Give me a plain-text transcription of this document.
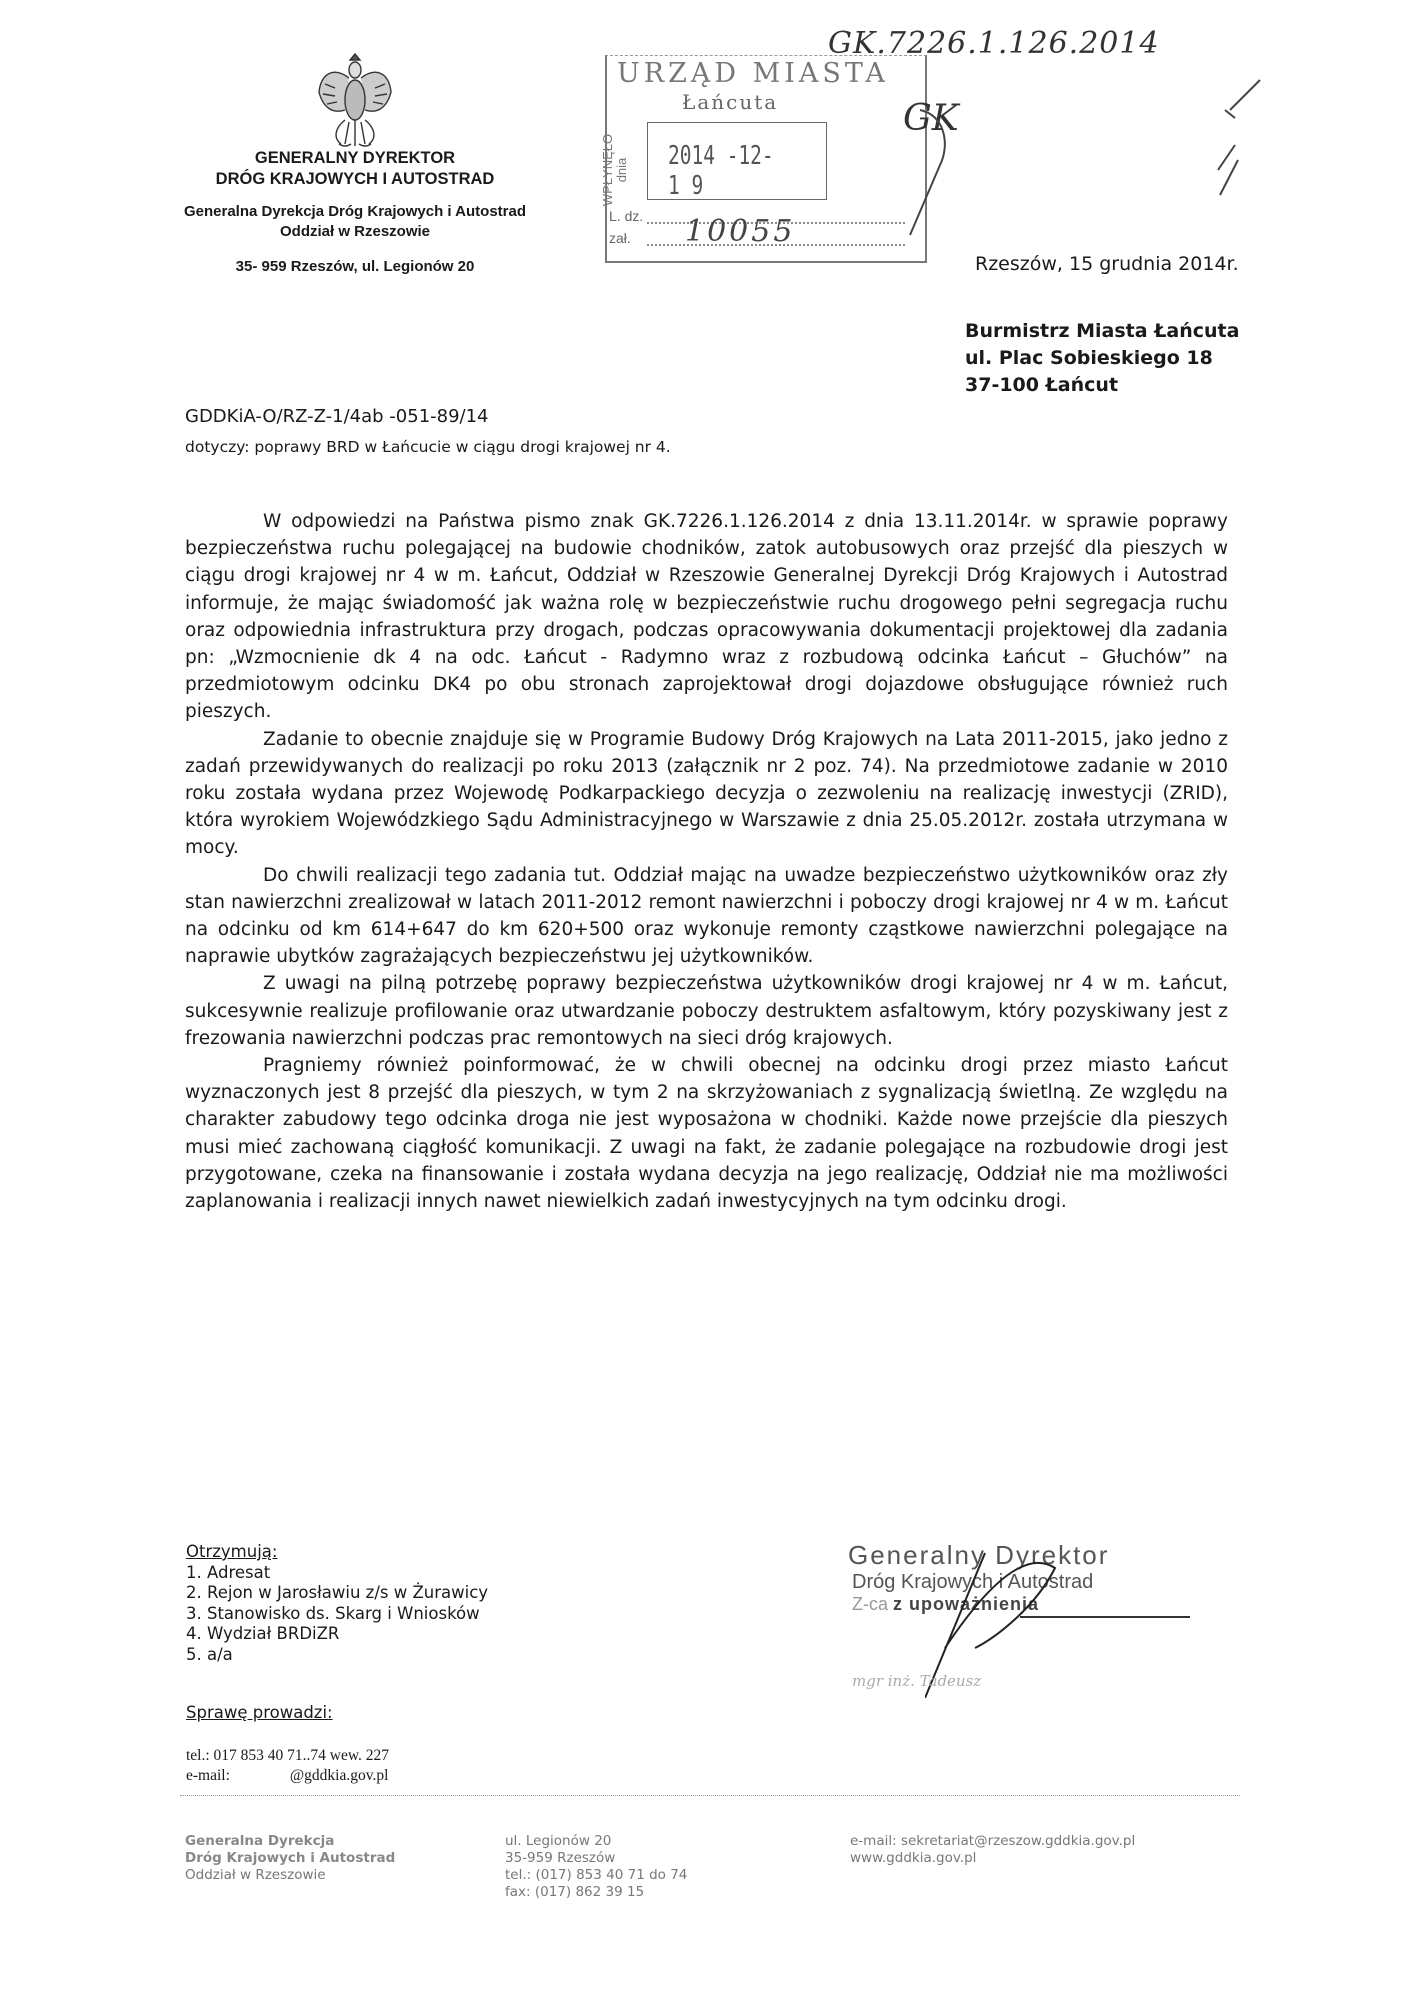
GENERALNY DYREKTOR
DRÓG KRAJOWYCH I AUTOSTRAD
Generalna Dyrekcja Dróg Krajowych i Autostrad
Oddział w Rzeszowie
35- 959 Rzeszów, ul. Legionów 20
URZĄD MIASTA
Łańcuta
WPŁYNĘŁO dnia 2014 -12- 1 9
L. dz.
zał. 10055
GK.7226.1.126.2014
GK
Rzeszów, 15 grudnia 2014r.
Burmistrz Miasta Łańcuta
ul. Plac Sobieskiego 18
37-100 Łańcut
GDDKiA-O/RZ-Z-1/4ab -051-89/14
dotyczy: poprawy BRD w Łańcucie w ciągu drogi krajowej nr 4.

W odpowiedzi na Państwa pismo znak GK.7226.1.126.2014 z dnia 13.11.2014r. w sprawie poprawy bezpieczeństwa ruchu polegającej na budowie chodników, zatok autobusowych oraz przejść dla pieszych w ciągu drogi krajowej nr 4 w m. Łańcut, Oddział w Rzeszowie Generalnej Dyrekcji Dróg Krajowych i Autostrad informuje, że mając świadomość jak ważna rolę w bezpieczeństwie ruchu drogowego pełni segregacja ruchu oraz odpowiednia infrastruktura przy drogach, podczas opracowywania dokumentacji projektowej dla zadania pn: „Wzmocnienie dk 4 na odc. Łańcut - Radymno wraz z rozbudową odcinka Łańcut – Głuchów” na przedmiotowym odcinku DK4 po obu stronach zaprojektował drogi dojazdowe obsługujące również ruch pieszych.

Zadanie to obecnie znajduje się w Programie Budowy Dróg Krajowych na Lata 2011-2015, jako jedno z zadań przewidywanych do realizacji po roku 2013 (załącznik nr 2 poz. 74). Na przedmiotowe zadanie w 2010 roku została wydana przez Wojewodę Podkarpackiego decyzja o zezwoleniu na realizację inwestycji (ZRID), która wyrokiem Wojewódzkiego Sądu Administracyjnego w Warszawie z dnia 25.05.2012r. została utrzymana w mocy.

Do chwili realizacji tego zadania tut. Oddział mając na uwadze bezpieczeństwo użytkowników oraz zły stan nawierzchni zrealizował w latach 2011-2012 remont nawierzchni i poboczy drogi krajowej nr 4 w m. Łańcut na odcinku od km 614+647 do km 620+500 oraz wykonuje remonty cząstkowe nawierzchni polegające na naprawie ubytków zagrażających bezpieczeństwu jej użytkowników.

Z uwagi na pilną potrzebę poprawy bezpieczeństwa użytkowników drogi krajowej nr 4 w m. Łańcut, sukcesywnie realizuje profilowanie oraz utwardzanie poboczy destruktem asfaltowym, który pozyskiwany jest z frezowania nawierzchni podczas prac remontowych na sieci dróg krajowych.

Pragniemy również poinformować, że w chwili obecnej na odcinku drogi przez miasto Łańcut wyznaczonych jest 8 przejść dla pieszych, w tym 2 na skrzyżowaniach z sygnalizacją świetlną. Ze względu na charakter zabudowy tego odcinka droga nie jest wyposażona w chodniki. Każde nowe przejście dla pieszych musi mieć zachowaną ciągłość komunikacji. Z uwagi na fakt, że zadanie polegające na rozbudowie drogi jest przygotowane, czeka na finansowanie i została wydana decyzja na jego realizację, Oddział nie ma możliwości zaplanowania i realizacji innych nawet niewielkich zadań inwestycyjnych na tym odcinku drogi.

Otrzymują:
1. Adresat
2. Rejon w Jarosławiu z/s w Żurawicy
3. Stanowisko ds. Skarg i Wniosków
4. Wydział BRDiZR
5. a/a
Sprawę prowadzi:
tel.: 017 853 40 71..74 wew. 227
e-mail:	@gddkia.gov.pl
Generalny Dyrektor
Dróg Krajowych i Autostrad
Z-ca z upoważnienia
mgr inż. Tadeusz
Generalna Dyrekcja
Dróg Krajowych i Autostrad
Oddział w Rzeszowie
ul. Legionów 20
35-959 Rzeszów
tel.: (017) 853 40 71 do 74
fax: (017) 862 39 15
e-mail: sekretariat@rzeszow.gddkia.gov.pl
www.gddkia.gov.pl
